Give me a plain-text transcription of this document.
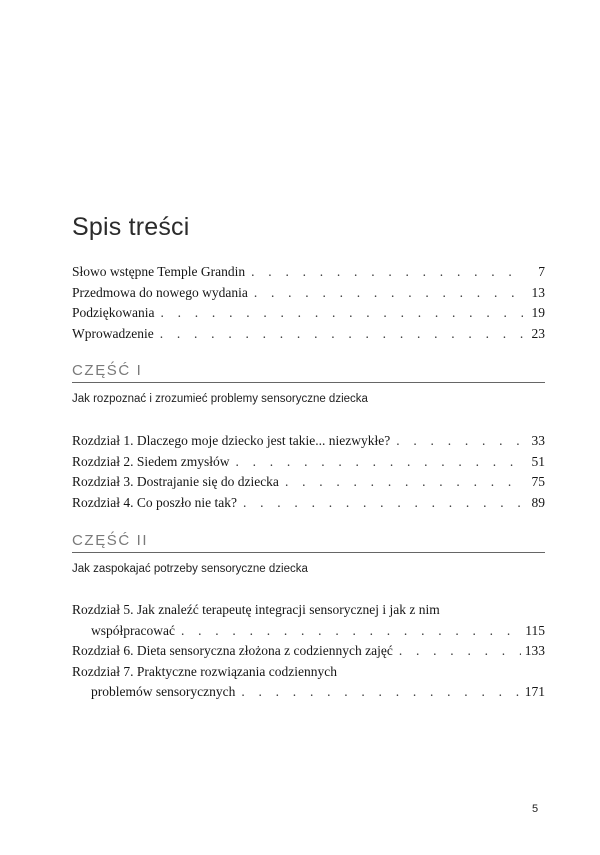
Spis treści
Słowo wstępne Temple Grandin . . .	7
Przedmowa do nowego wydania . . .	13
Podziękowania . . .	19
Wprowadzenie . . .	23
CZĘŚĆ I
Jak rozpoznać i zrozumieć problemy sensoryczne dziecka
Rozdział 1. Dlaczego moje dziecko jest takie... niezwykłe? . . .	33
Rozdział 2. Siedem zmysłów . . .	51
Rozdział 3. Dostrajanie się do dziecka . . .	75
Rozdział 4. Co poszło nie tak? . . .	89
CZĘŚĆ II
Jak zaspokajać potrzeby sensoryczne dziecka
Rozdział 5. Jak znaleźć terapeutę integracji sensorycznej i jak z nim
współpracować . . .	115
Rozdział 6. Dieta sensoryczna złożona z codziennych zajęć . . .	133
Rozdział 7. Praktyczne rozwiązania codziennych
problemów sensorycznych . . .	171
5
